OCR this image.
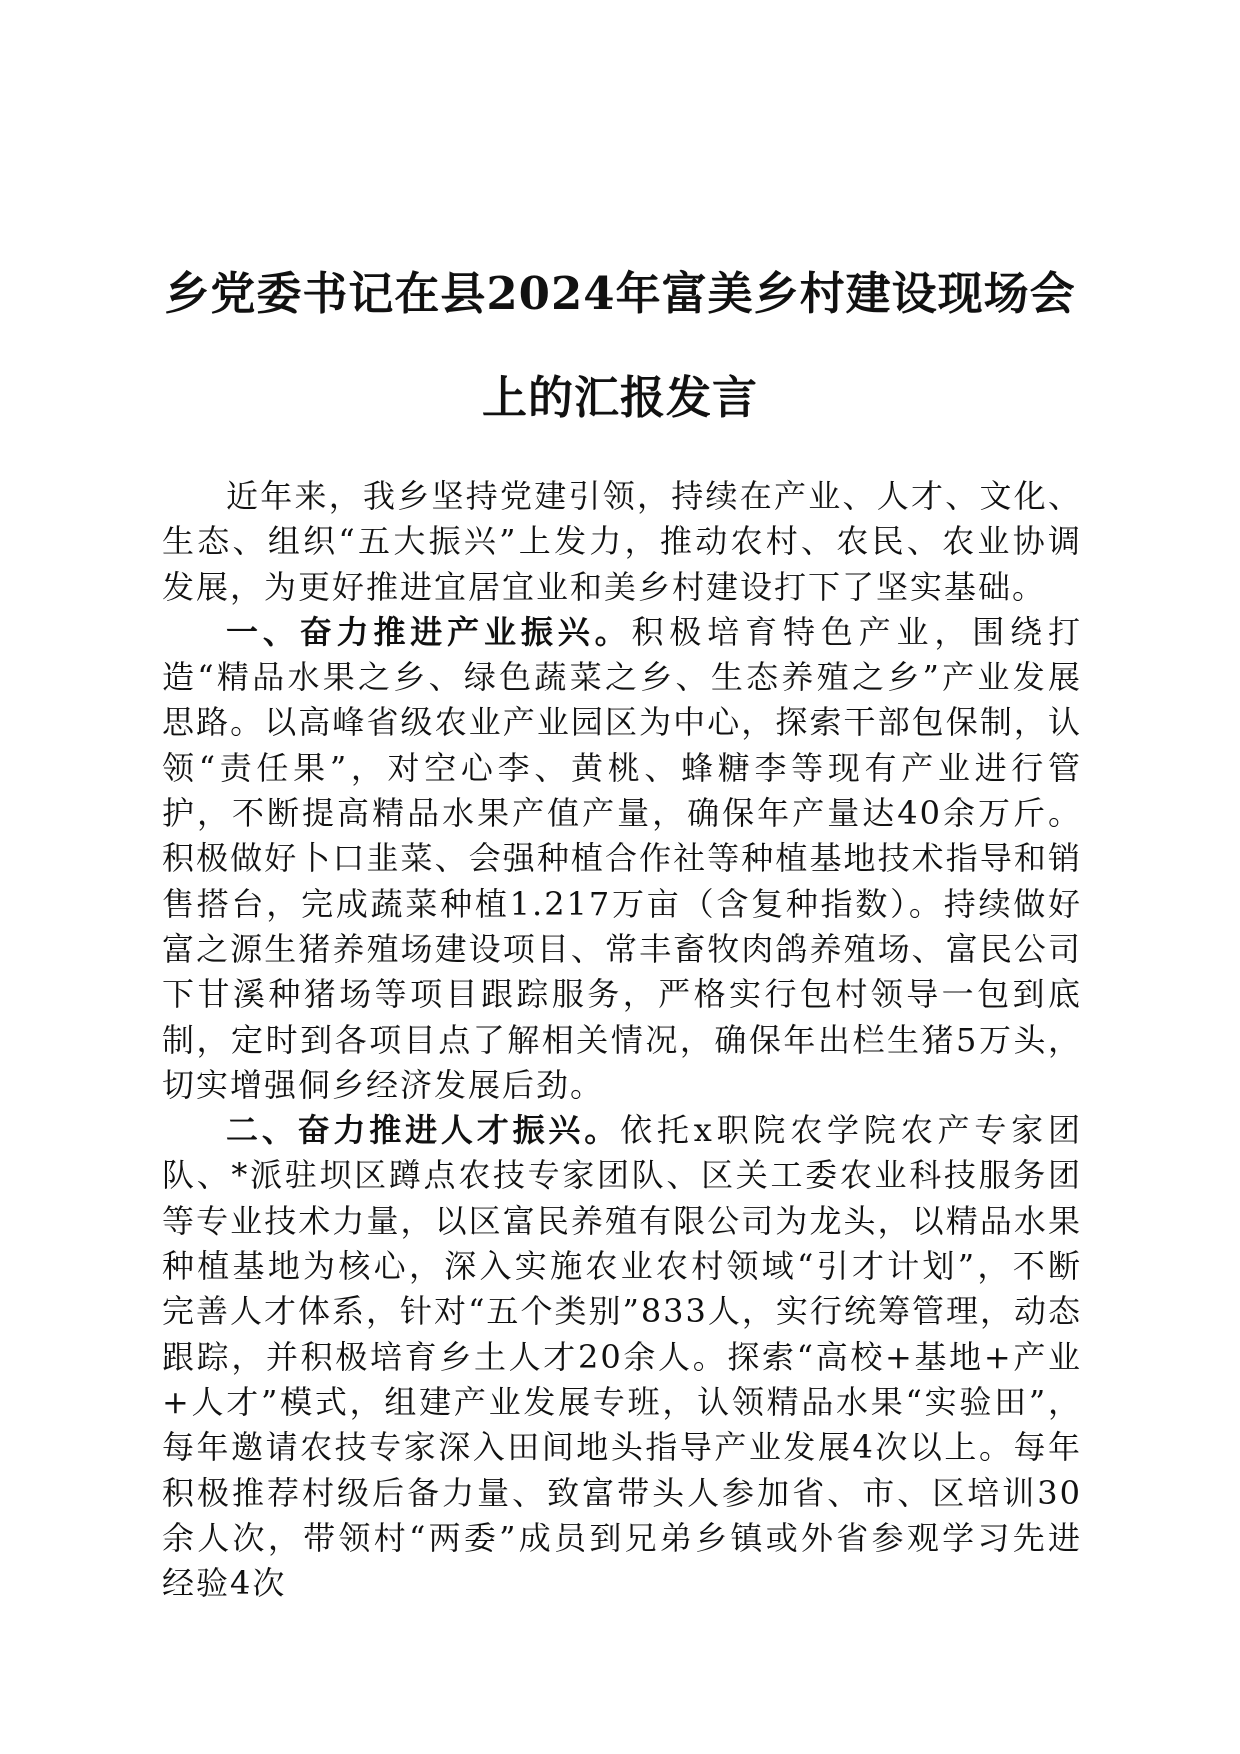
乡党委书记在县2024年富美乡村建设现场会
上的汇报发言

近年来，我乡坚持党建引领，持续在产业、人才、文化、生态、组织“五大振兴”上发力，推动农村、农民、农业协调发展，为更好推进宜居宜业和美乡村建设打下了坚实基础。

一、奋力推进产业振兴。积极培育特色产业，围绕打造“精品水果之乡、绿色蔬菜之乡、生态养殖之乡”产业发展思路。以高峰省级农业产业园区为中心，探索干部包保制，认领“责任果”，对空心李、黄桃、蜂糖李等现有产业进行管护，不断提高精品水果产值产量，确保年产量达40余万斤。积极做好卜口韭菜、会强种植合作社等种植基地技术指导和销售搭台，完成蔬菜种植1.217万亩（含复种指数）。持续做好富之源生猪养殖场建设项目、常丰畜牧肉鸽养殖场、富民公司下甘溪种猪场等项目跟踪服务，严格实行包村领导一包到底制，定时到各项目点了解相关情况，确保年出栏生猪5万头，切实增强侗乡经济发展后劲。

二、奋力推进人才振兴。依托x职院农学院农产专家团队、*派驻坝区蹲点农技专家团队、区关工委农业科技服务团等专业技术力量，以区富民养殖有限公司为龙头，以精品水果种植基地为核心，深入实施农业农村领域“引才计划”，不断完善人才体系，针对“五个类别”833人，实行统筹管理，动态跟踪，并积极培育乡土人才20余人。探索“高校+基地+产业+人才”模式，组建产业发展专班，认领精品水果“实验田”，每年邀请农技专家深入田间地头指导产业发展4次以上。每年积极推荐村级后备力量、致富带头人参加省、市、区培训30余人次，带领村“两委”成员到兄弟乡镇或外省参观学习先进经验4次
